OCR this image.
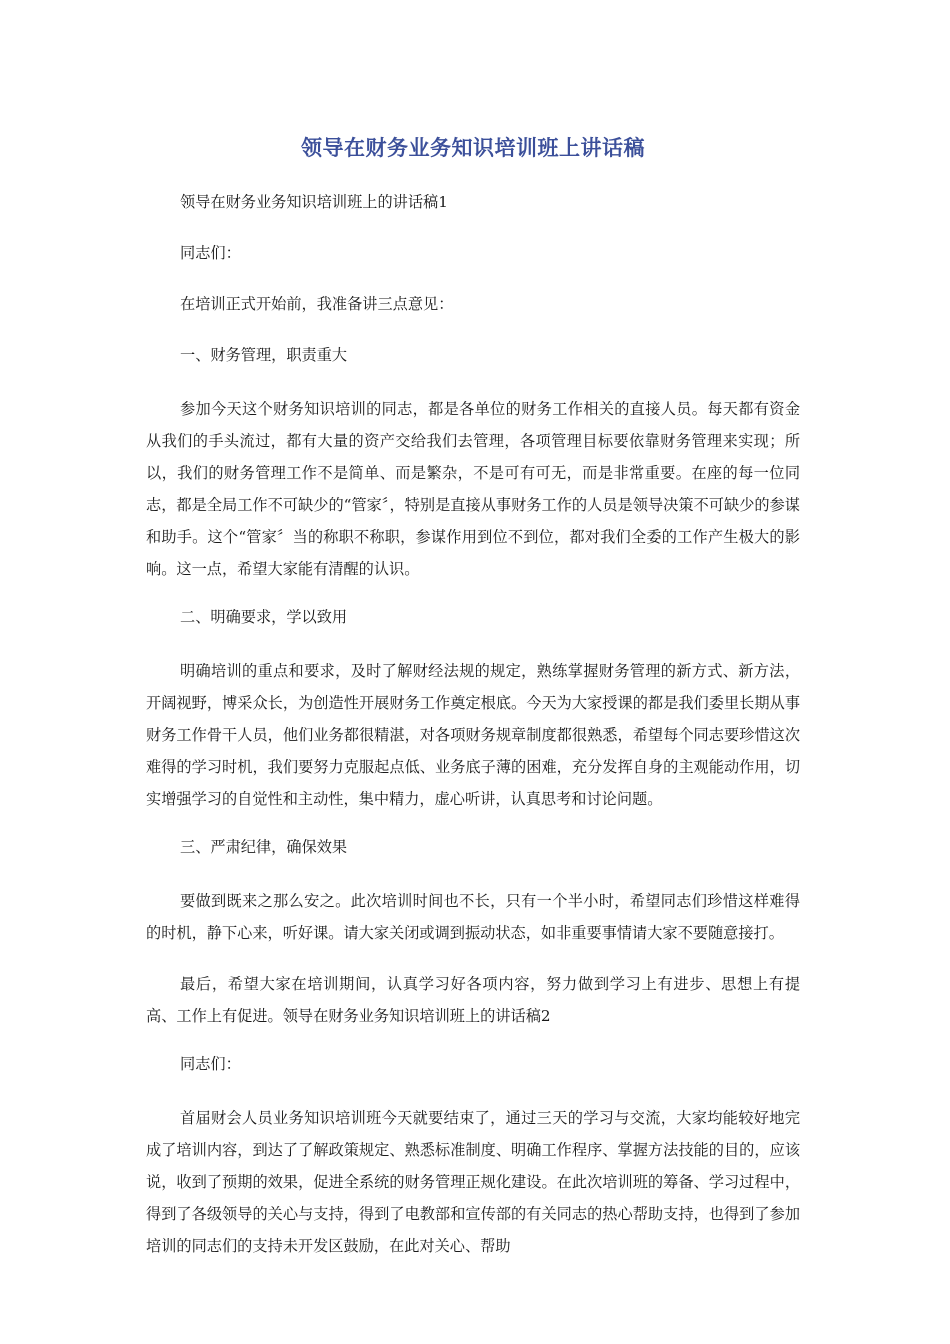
领导在财务业务知识培训班上讲话稿
领导在财务业务知识培训班上的讲话稿1
同志们：
在培训正式开始前，我准备讲三点意见：
一、财务管理，职责重大
参加今天这个财务知识培训的同志，都是各单位的财务工作相关的直接人员。每天都有资金从我们的手头流过，都有大量的资产交给我们去管理，各项管理目标要依靠财务管理来实现；所以，我们的财务管理工作不是简单、而是繁杂，不是可有可无，而是非常重要。在座的每一位同志，都是全局工作不可缺少的“管家〞，特别是直接从事财务工作的人员是领导决策不可缺少的参谋和助手。这个“管家〞当的称职不称职，参谋作用到位不到位，都对我们全委的工作产生极大的影响。这一点，希望大家能有清醒的认识。
二、明确要求，学以致用
明确培训的重点和要求，及时了解财经法规的规定，熟练掌握财务管理的新方式、新方法，开阔视野，博采众长，为创造性开展财务工作奠定根底。今天为大家授课的都是我们委里长期从事财务工作骨干人员，他们业务都很精湛，对各项财务规章制度都很熟悉，希望每个同志要珍惜这次难得的学习时机，我们要努力克服起点低、业务底子薄的困难，充分发挥自身的主观能动作用，切实增强学习的自觉性和主动性，集中精力，虚心听讲，认真思考和讨论问题。
三、严肃纪律，确保效果
要做到既来之那么安之。此次培训时间也不长，只有一个半小时，希望同志们珍惜这样难得的时机，静下心来，听好课。请大家关闭或调到振动状态，如非重要事情请大家不要随意接打。
最后，希望大家在培训期间，认真学习好各项内容，努力做到学习上有进步、思想上有提高、工作上有促进。领导在财务业务知识培训班上的讲话稿2
同志们：
首届财会人员业务知识培训班今天就要结束了，通过三天的学习与交流，大家均能较好地完成了培训内容，到达了了解政策规定、熟悉标准制度、明确工作程序、掌握方法技能的目的，应该说，收到了预期的效果，促进全系统的财务管理正规化建设。在此次培训班的筹备、学习过程中，得到了各级领导的关心与支持，得到了电教部和宣传部的有关同志的热心帮助支持，也得到了参加培训的同志们的支持未开发区鼓励，在此对关心、帮助
